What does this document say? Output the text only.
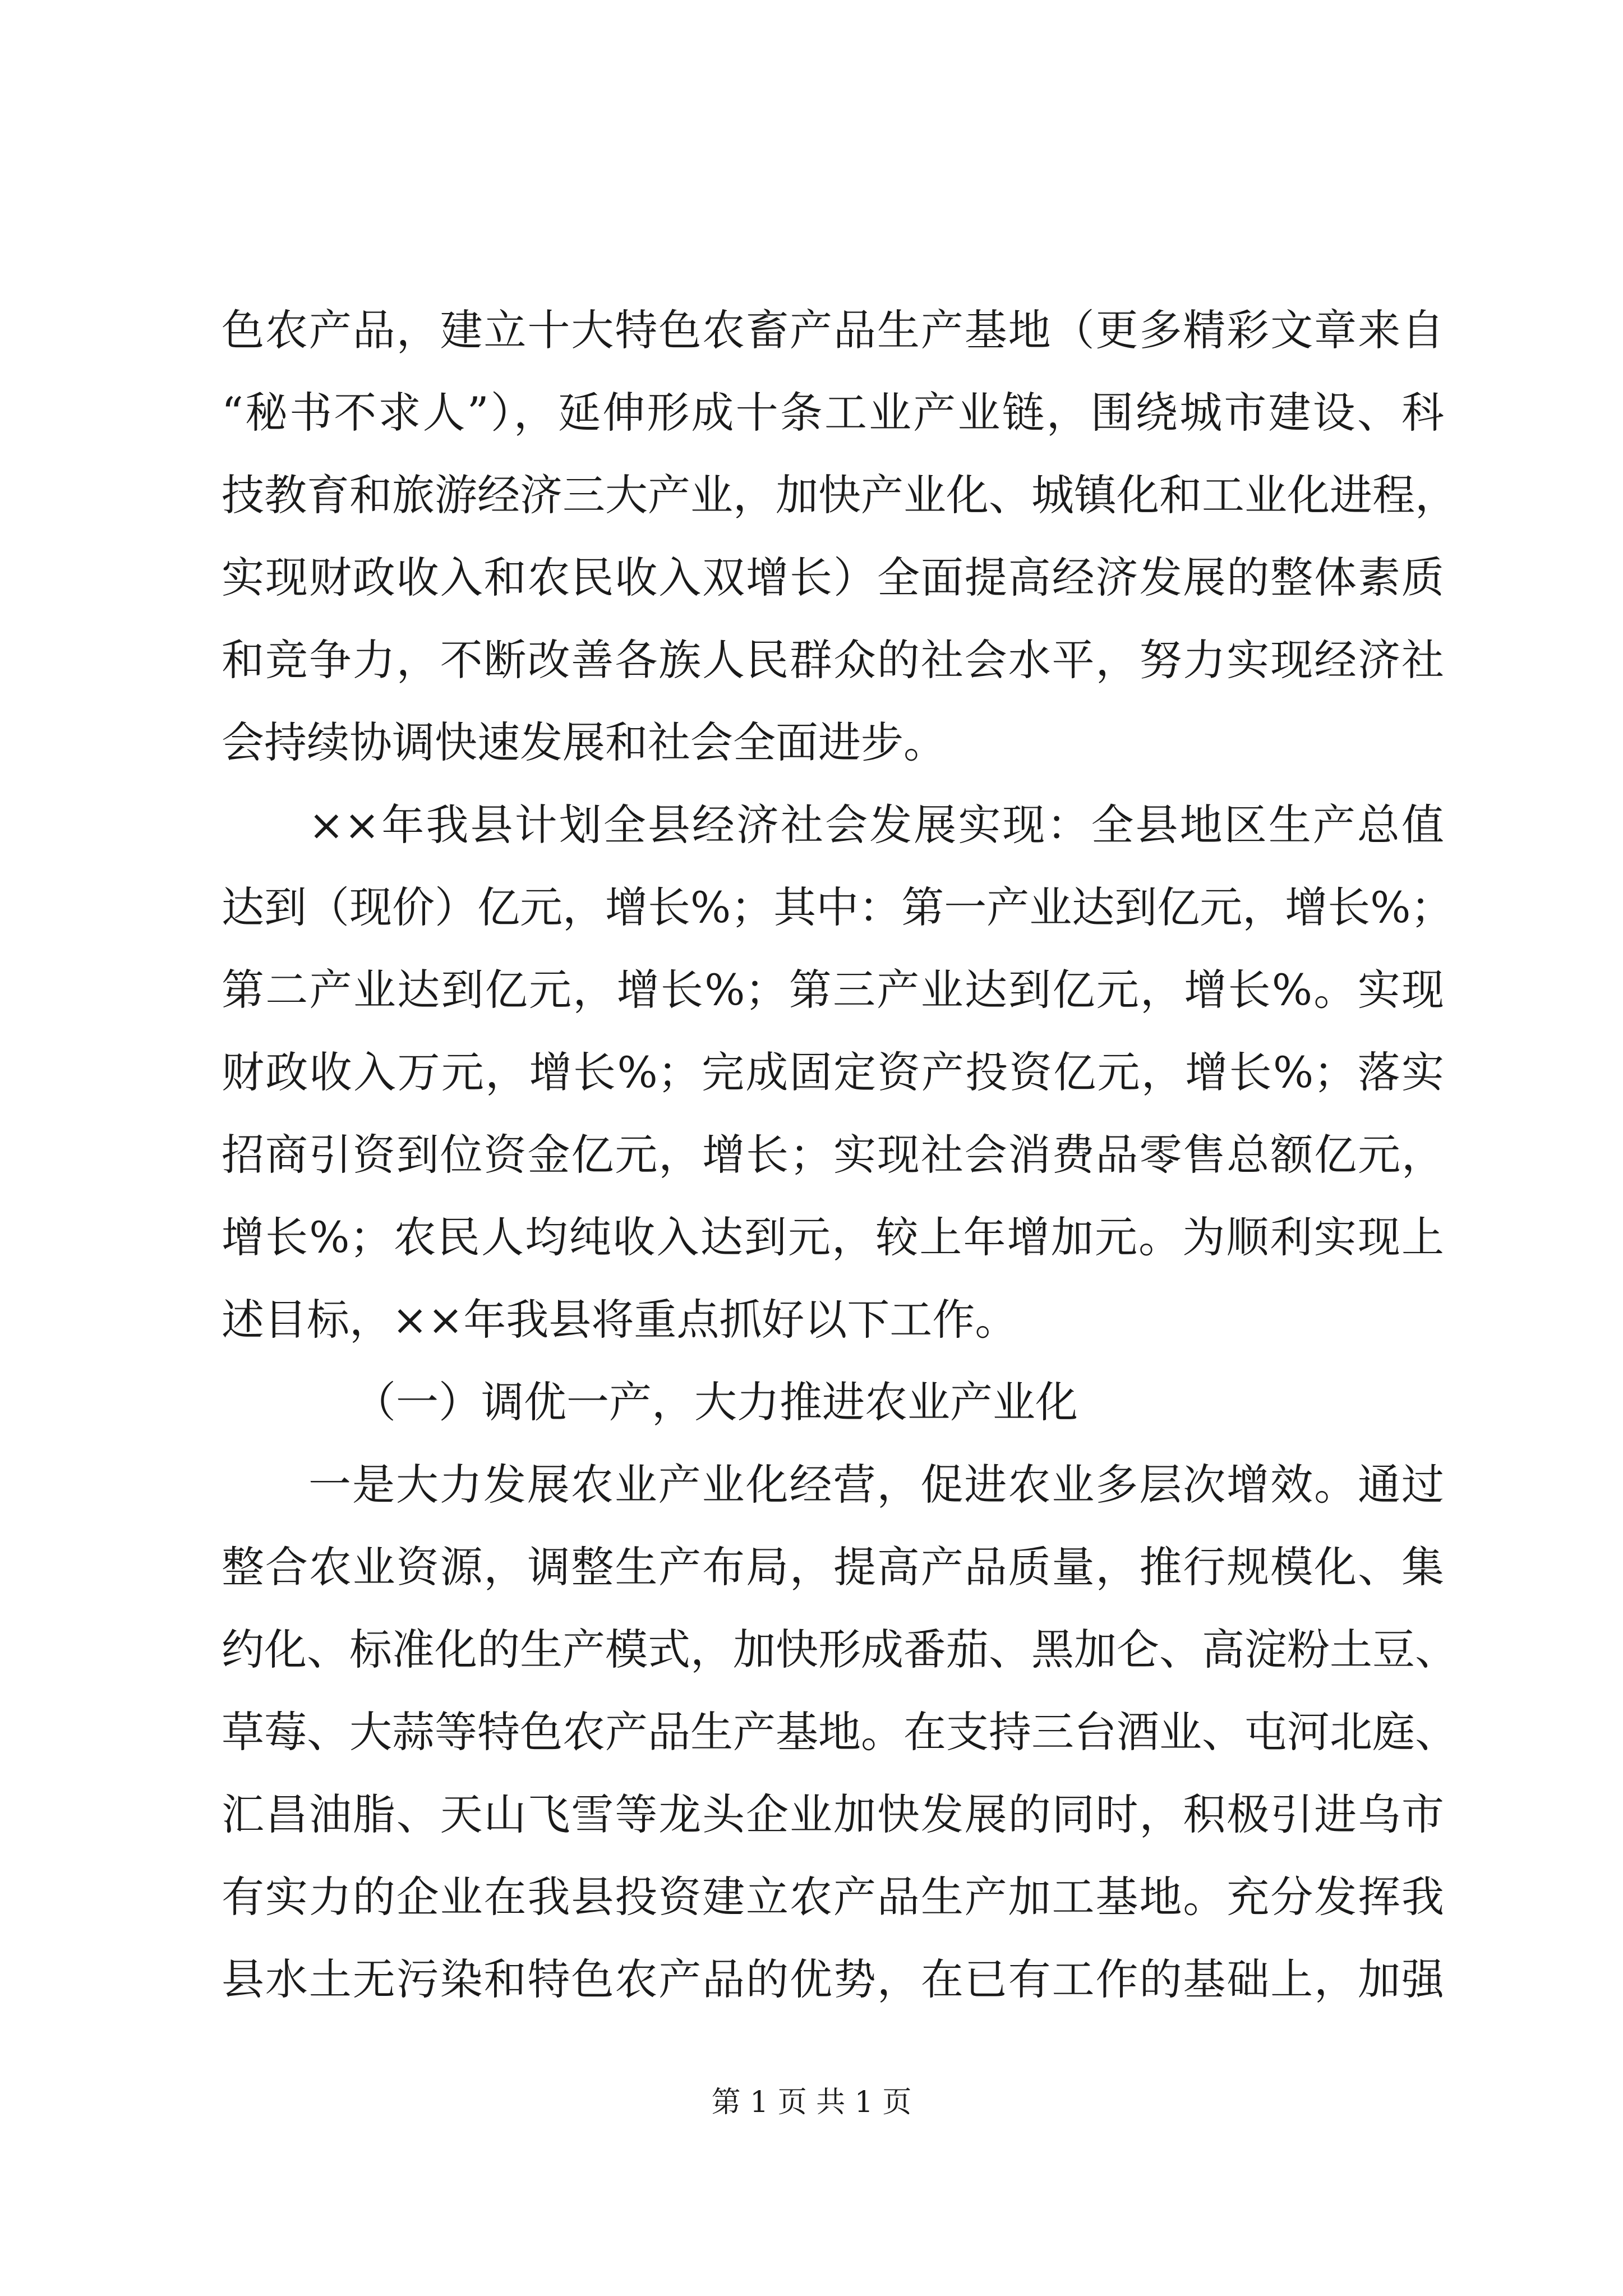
色农产品，建立十大特色农畜产品生产基地（更多精彩文章来自
“秘书不求人”），延伸形成十条工业产业链，围绕城市建设、科
技教育和旅游经济三大产业，加快产业化、城镇化和工业化进程，
实现财政收入和农民收入双增长）全面提高经济发展的整体素质
和竞争力，不断改善各族人民群众的社会水平，努力实现经济社
会持续协调快速发展和社会全面进步。
××年我县计划全县经济社会发展实现：全县地区生产总值
达到（现价）亿元，增长%；其中：第一产业达到亿元，增长%；
第二产业达到亿元，增长%；第三产业达到亿元，增长%。实现
财政收入万元，增长%；完成固定资产投资亿元，增长%；落实
招商引资到位资金亿元，增长；实现社会消费品零售总额亿元，
增长%；农民人均纯收入达到元，较上年增加元。为顺利实现上
述目标，××年我县将重点抓好以下工作。
（一）调优一产，大力推进农业产业化
一是大力发展农业产业化经营，促进农业多层次增效。通过
整合农业资源，调整生产布局，提高产品质量，推行规模化、集
约化、标准化的生产模式，加快形成番茄、黑加仑、高淀粉土豆、
草莓、大蒜等特色农产品生产基地。在支持三台酒业、屯河北庭、
汇昌油脂、天山飞雪等龙头企业加快发展的同时，积极引进乌市
有实力的企业在我县投资建立农产品生产加工基地。充分发挥我
县水土无污染和特色农产品的优势，在已有工作的基础上，加强
第 1 页 共 1 页
